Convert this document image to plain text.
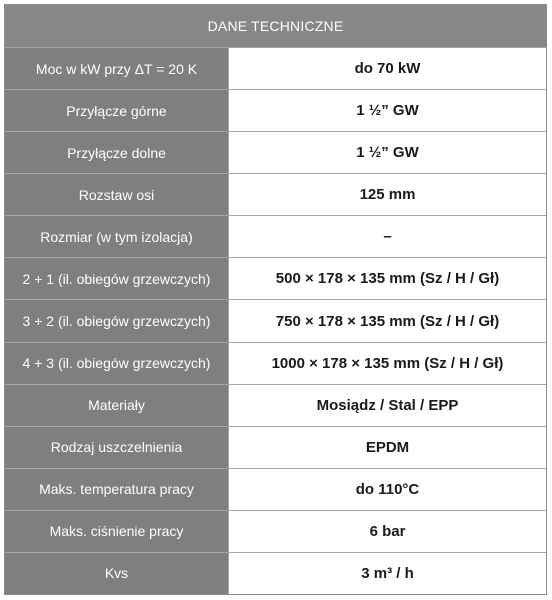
DANE TECHNICZNE
Moc w kW przy ΔT = 20 K	do 70 kW
Przyłącze górne	1 ½” GW
Przyłącze dolne	1 ½” GW
Rozstaw osi	125 mm
Rozmiar (w tym izolacja)	–
2 + 1 (il. obiegów grzewczych)	500 × 178 × 135 mm (Sz / H / Gł)
3 + 2 (il. obiegów grzewczych)	750 × 178 × 135 mm (Sz / H / Gł)
4 + 3 (il. obiegów grzewczych)	1000 × 178 × 135 mm (Sz / H / Gł)
Materiały	Mosiądz / Stal / EPP
Rodzaj uszczelnienia	EPDM
Maks. temperatura pracy	do 110°C
Maks. ciśnienie pracy	6 bar
Kvs	3 m³ / h
